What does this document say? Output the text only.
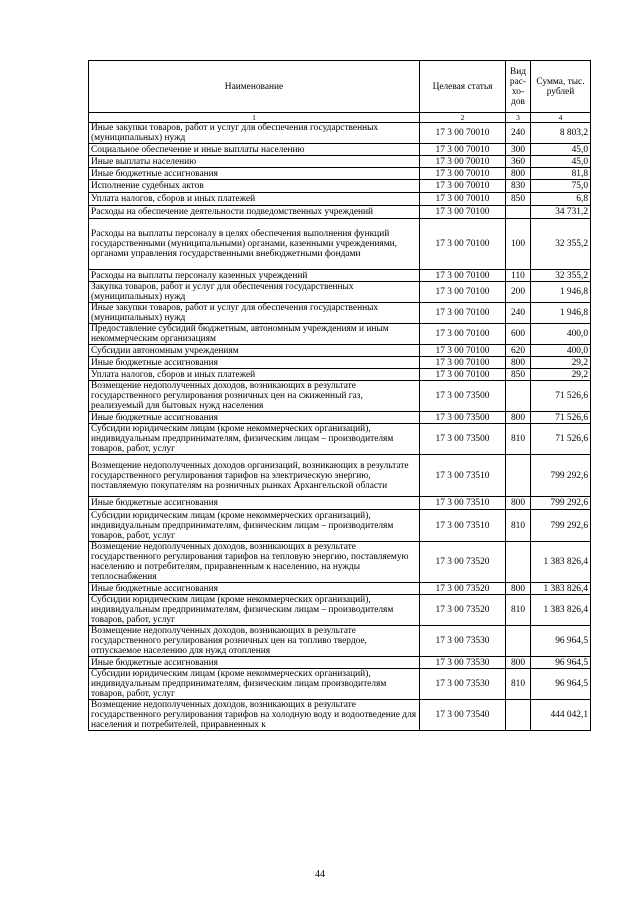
Наименование	Целевая статья	Вид рас-хо-дов	Сумма, тыс. рублей
1	2	3	4
Иные закупки товаров, работ и услуг для обеспечения государственных (муниципальных) нужд	17 3 00 70010	240	8 803,2
Социальное обеспечение и иные выплаты населению	17 3 00 70010	300	45,0
Иные выплаты населению	17 3 00 70010	360	45,0
Иные бюджетные ассигнования	17 3 00 70010	800	81,8
Исполнение судебных актов	17 3 00 70010	830	75,0
Уплата налогов, сборов и иных платежей	17 3 00 70010	850	6,8
Расходы на обеспечение деятельности подведомственных учреждений	17 3 00 70100		34 731,2
Расходы на выплаты персоналу в целях обеспечения выполнения функций государственными (муниципальными) органами, казенными учреждениями, органами управления государственными внебюджетными фондами	17 3 00 70100	100	32 355,2
Расходы на выплаты персоналу казенных учреждений	17 3 00 70100	110	32 355,2
Закупка товаров, работ и услуг для обеспечения государственных (муниципальных) нужд	17 3 00 70100	200	1 946,8
Иные закупки товаров, работ и услуг для обеспечения государственных (муниципальных) нужд	17 3 00 70100	240	1 946,8
Предоставление субсидий бюджетным, автономным учреждениям и иным некоммерческим организациям	17 3 00 70100	600	400,0
Субсидии автономным учреждениям	17 3 00 70100	620	400,0
Иные бюджетные ассигнования	17 3 00 70100	800	29,2
Уплата налогов, сборов и иных платежей	17 3 00 70100	850	29,2
Возмещение недополученных доходов, возникающих в результате государственного регулирования розничных цен на сжиженный газ, реализуемый для бытовых нужд населения	17 3 00 73500		71 526,6
Иные бюджетные ассигнования	17 3 00 73500	800	71 526,6
Субсидии юридическим лицам (кроме некоммерческих организаций), индивидуальным предпринимателям, физическим лицам – производителям товаров, работ, услуг	17 3 00 73500	810	71 526,6
Возмещение недополученных доходов организаций, возникающих в результате государственного регулирования тарифов на электрическую энергию, поставляемую покупателям на розничных рынках Архангельской области	17 3 00 73510		799 292,6
Иные бюджетные ассигнования	17 3 00 73510	800	799 292,6
Субсидии юридическим лицам (кроме некоммерческих организаций), индивидуальным предпринимателям, физическим лицам – производителям товаров, работ, услуг	17 3 00 73510	810	799 292,6
Возмещение недополученных доходов, возникающих в результате государственного регулирования тарифов на тепловую энергию, поставляемую населению и потребителям, приравненным к населению, на нужды теплоснабжения	17 3 00 73520		1 383 826,4
Иные бюджетные ассигнования	17 3 00 73520	800	1 383 826,4
Субсидии юридическим лицам (кроме некоммерческих организаций), индивидуальным предпринимателям, физическим лицам – производителям товаров, работ, услуг	17 3 00 73520	810	1 383 826,4
Возмещение недополученных доходов, возникающих в результате государственного регулирования розничных цен на топливо твердое, отпускаемое населению для нужд отопления	17 3 00 73530		96 964,5
Иные бюджетные ассигнования	17 3 00 73530	800	96 964,5
Субсидии юридическим лицам (кроме некоммерческих организаций), индивидуальным предпринимателям, физическим лицам производителям товаров, работ, услуг	17 3 00 73530	810	96 964,5
Возмещение недополученных доходов, возникающих в результате государственного регулирования тарифов на холодную воду и водоотведение для населения и потребителей, приравненных к	17 3 00 73540		444 042,1
44
